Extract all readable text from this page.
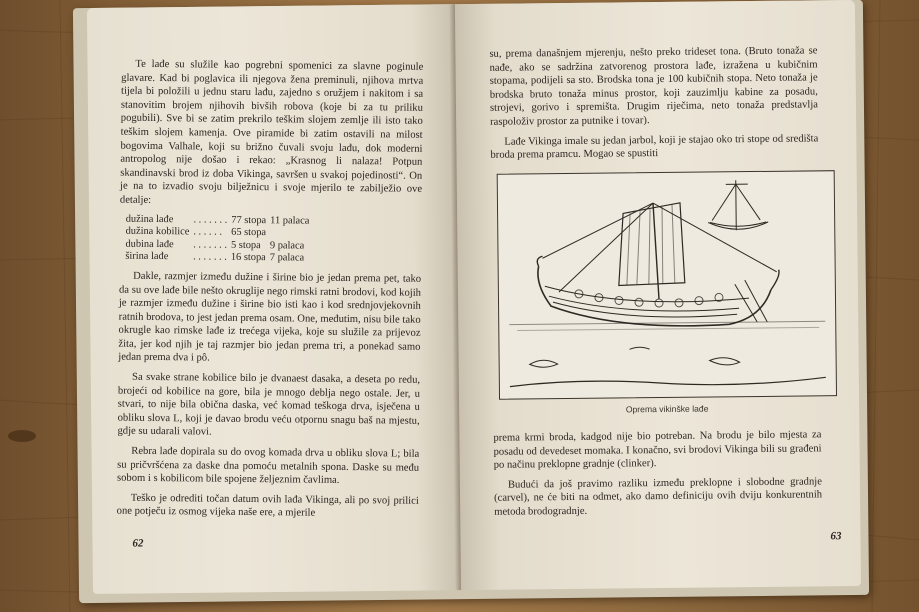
Te lađe su služile kao pogrebni spomenici za slavne poginule glavare. Kad bi poglavica ili njegova žena preminuli, njihova mrtva tijela bi položili u jednu staru lađu, zajedno s oružjem i nakitom i sa stanovitim brojem njihovih bivših robova (koje bi za tu priliku pogubili). Sve bi se zatim prekrilo teškim slojem zemlje ili isto tako teškim slojem kamenja. Ove piramide bi zatim ostavili na milost bogovima Valhale, koji su brižno čuvali svoju lađu, dok moderni antropolog nije došao i rekao: „Krasnog li nalaza! Potpun skandinavski brod iz doba Vikinga, savršen u svakoj pojedinosti“. On je na to izvadio svoju bilježnicu i svoje mjerilo te zabilježio ove detalje:

dužina lađe	. . . . . . .	77 stopa	11 palaca
dužina kobilice	. . . . . .	65 stopa	
dubina lađe	. . . . . . .	5 stopa	9 palaca
širina lađe	. . . . . . .	16 stopa	7 palaca

Dakle, razmjer između dužine i širine bio je jedan prema pet, tako da su ove lađe bile nešto okruglije nego rimski ratni brodovi, kod kojih je razmjer između dužine i širine bio isti kao i kod srednjovjekovnih ratnih brodova, to jest jedan prema osam. One, međutim, nisu bile tako okrugle kao rimske lađe iz trećega vijeka, koje su služile za prijevoz žita, jer kod njih je taj razmjer bio jedan prema tri, a ponekad samo jedan prema dva i pô.

Sa svake strane kobilice bilo je dvanaest dasaka, a deseta po redu, brojeći od kobilice na gore, bila je mnogo deblja nego ostale. Jer, u stvari, to nije bila obična daska, već komad teškoga drva, isječena u obliku slova L, koji je davao brodu veću otpornu snagu baš na mjestu, gdje su udarali valovi.

Rebra lađe dopirala su do ovog komada drva u obliku slova L; bila su pričvršćena za daske dna pomoću metalnih spona. Daske su među sobom i s kobilicom bile spojene željeznim čavlima.

Teško je odrediti točan datum ovih lađa Vikinga, ali po svoj prilici one potječu iz osmog vijeka naše ere, a mjerile

62

su, prema današnjem mjerenju, nešto preko trideset tona. (Bruto tonaža se nađe, ako se sadržina zatvorenog prostora lađe, izražena u kubičnim stopama, podijeli sa sto. Brodska tona je 100 kubičnih stopa. Neto tonaža je brodska bruto tonaža minus prostor, koji zauzimlju kabine za posadu, strojevi, gorivo i spremišta. Drugim riječima, neto tonaža predstavlja raspoloživ prostor za putnike i tovar).

Lađe Vikinga imale su jedan jarbol, koji je stajao oko tri stope od središta broda prema pramcu. Mogao se spustiti

Oprema vikinške lađe

prema krmi broda, kadgod nije bio potreban. Na brodu je bilo mjesta za posadu od devedeset momaka. I konačno, svi brodovi Vikinga bili su građeni po načinu preklopne gradnje (clinker).

Budući da još pravimo razliku između preklopne i slobodne gradnje (carvel), ne će biti na odmet, ako damo definiciju ovih dviju konkurentnih metoda brodogradnje.

63
